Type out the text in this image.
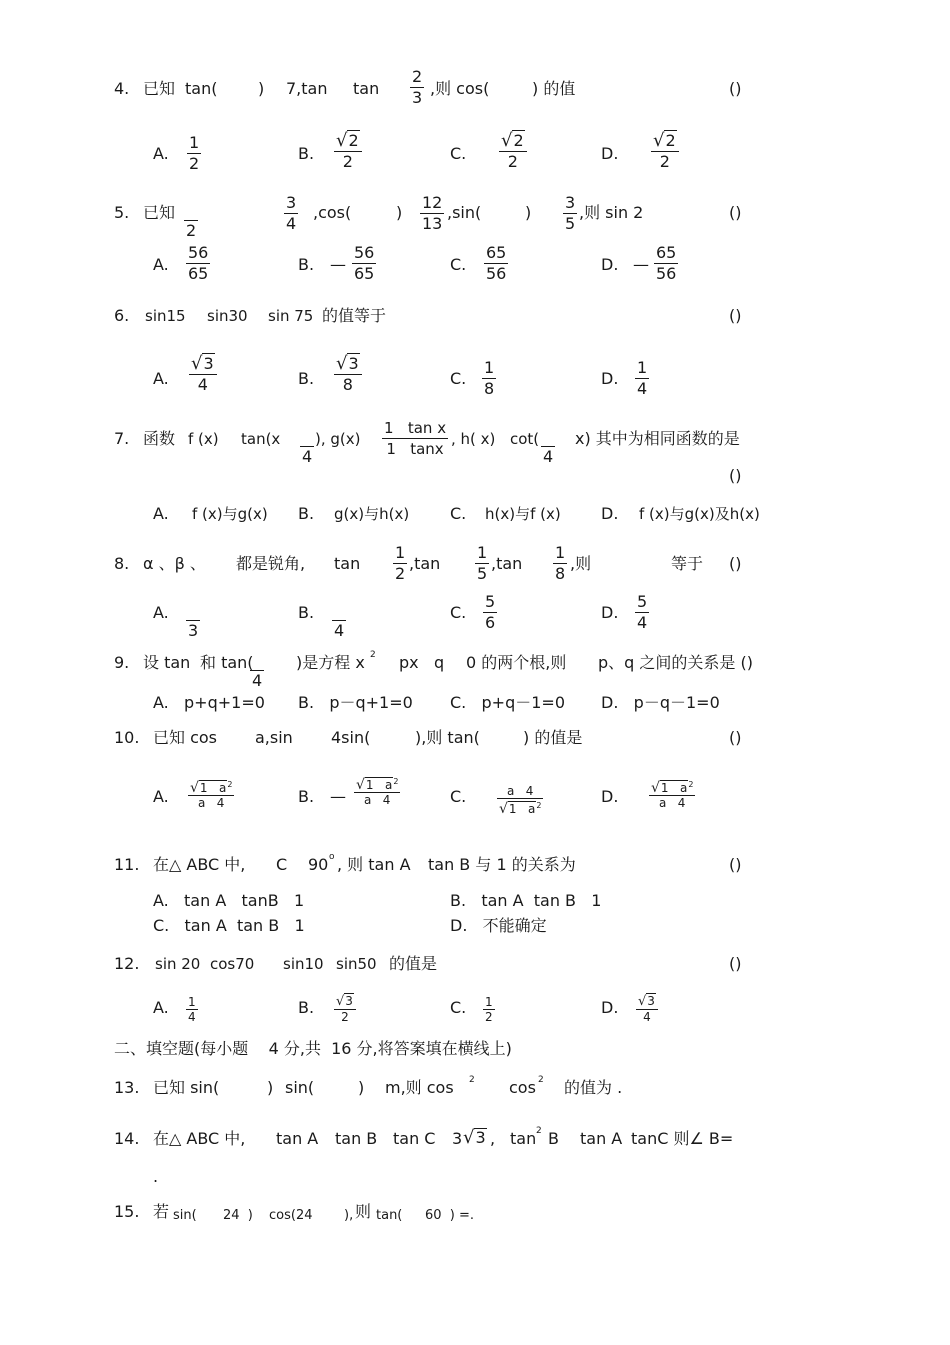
4. 已知 tan(	) 7,tan tan
2
3 ,则 cos(	) 的值	()
A.
1
2
B.
√2
2	C.
√2
2	D.
√2
2
5. 已知
2
3
4
,cos(	)
12
13
,sin(	)
3
5
,则 sin 2	()
A.
56
65	B. —
56
65	C.
65
56	D. —
65
56
6. sin15 sin30 sin 75 的值等于	()
A.
√3
4	B.
√3
8	C.
1
8
D.
1
4
7. 函数 f (x) tan(x
4
), g(x)
1   tan x
1   tanx
, h( x) cot(
4
x) 其中为相同函数的是
()
A. f (x)与g(x) B. g(x)与h(x)	C. h(x)与f (x)	D. f (x)与g(x)及h(x)
8. α 、β 、 都是锐角, tan
1
2
,tan
1
5
,tan
1
8
,则	等于 ()
A.
3
B.
4
C.
5
6
D.
5
4
9. 设 tan 和 tan(
4
)是方程 x 2 px q 0 的两个根,则 p、q 之间的关系是 ()
A.   p+q+1=0 B.   p－q+1=0 C.   p+q－1=0 D.   p－q－1=0
10. 已知 cos a,sin 4sin(	),则 tan(	) 的值是	()
A. √1   $a^2$
a   4	B. —
√1   $a^2$
a   4	C.	a   4
√1   $a^2$	D. √1   $a^2$
a   4
11. 在△ ABC 中, C 90 o , 则 tan A tan B 与 1 的关系为	()
A.   tan A   tanB   1	B.   tan A  tan B   1
C.   tan A  tan B   1	D.   不能确定
12. sin 20 cos70 sin10 sin50 的值是	()
A. 1
4	B. √3
2	C. 1
2	D. √3
4
二、填空题(每小题    4 分,共  16 分,将答案填在横线上)
13. 已知 sin(	) sin(	) m,则 cos 2 cos 2 的值为 .
14. 在△ ABC 中, tan A tan B tan C 3 √3 , tan 2 B tan A tanC 则∠ B=
.
15. 若 sin( 24  ) cos(24 ), 则 tan( 60  ) =.
